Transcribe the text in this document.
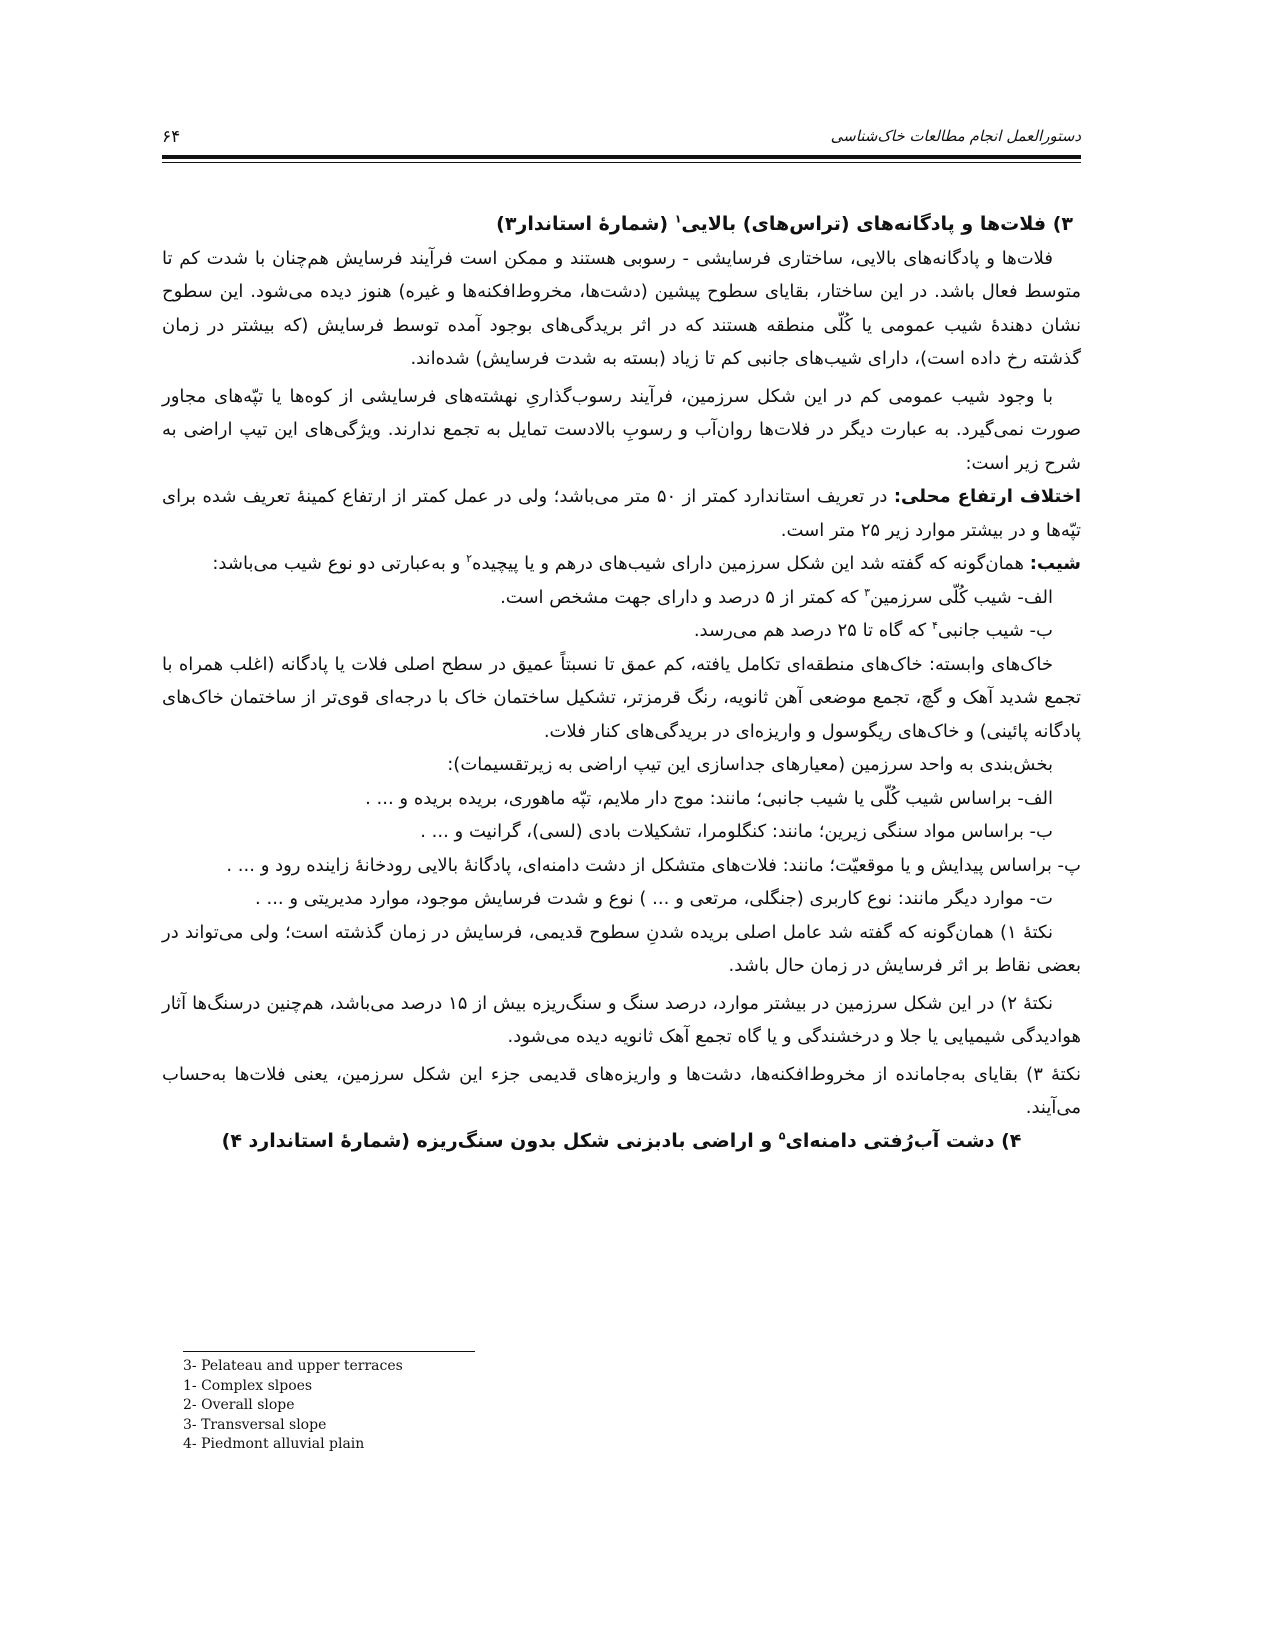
۶۴	دستورالعمل انجام مطالعات خاک‌شناسی

۳) فلات‌ها و پادگانه‌های (تراس‌های) بالایی$^۱$ (شمارهٔ استاندار۳)

فلات‌ها و پادگانه‌های بالایی، ساختاری فرسایشی - رسوبی هستند و ممکن است فرآیند فرسایش هم‌چنان با شدت کم تا متوسط فعال باشد. در این ساختار، بقایای سطوح پیشین (دشت‌ها، مخروط‌افکنه‌ها و غیره) هنوز دیده می‌شود. این سطوح نشان دهندهٔ شیب عمومی یا کُلّی منطقه هستند که در اثر بریدگی‌های بوجود آمده توسط فرسایش (که بیشتر در زمان گذشته رخ داده است)، دارای شیب‌های جانبی کم تا زیاد (بسته به شدت فرسایش) شده‌اند.

با وجود شیب عمومی کم در این شکل سرزمین، فرآیند رسوب‌گذاریِ نهشته‌های فرسایشی از کوه‌ها یا تپّه‌های مجاور صورت نمی‌گیرد. به عبارت دیگر در فلات‌ها روان‌آب و رسوبِ بالادست تمایل به تجمع ندارند. ویژگی‌های این تیپ اراضی به شرح زیر است:

اختلاف ارتفاع محلی: در تعریف استاندارد کمتر از ۵۰ متر می‌باشد؛ ولی در عمل کمتر از ارتفاع کمینهٔ تعریف شده برای تپّه‌ها و در بیشتر موارد زیر ۲۵ متر است.

شیب: همان‌گونه که گفته شد این شکل سرزمین دارای شیب‌های درهم و یا پیچیده$^۲$ و به‌عبارتی دو نوع شیب می‌باشد:

الف- شیب کُلّی سرزمین$^۳$ که کمتر از ۵ درصد و دارای جهت مشخص است.

ب- شیب جانبی$^۴$ که گاه تا ۲۵ درصد هم می‌رسد.

خاک‌های وابسته: خاک‌های منطقه‌ای تکامل یافته، کم عمق تا نسبتاً عمیق در سطح اصلی فلات یا پادگانه (اغلب همراه با تجمع شدید آهک و گچ، تجمع موضعی آهن ثانویه، رنگ قرمزتر، تشکیل ساختمان خاک با درجه‌ای قوی‌تر از ساختمان خاک‌های پادگانه پائینی) و خاک‌های ریگوسول و واریزه‌ای در بریدگی‌های کنار فلات.

بخش‌بندی به واحد سرزمین (معیارهای جداسازی این تیپ اراضی به زیرتقسیمات):

الف- براساس شیب کُلّی یا شیب جانبی؛ مانند: موج دار ملایم، تپّه ماهوری، بریده بریده و ... .

ب- براساس مواد سنگی زیرین؛ مانند: کنگلومرا، تشکیلات بادی (لسی)، گرانیت و ... .

پ- براساس پیدایش و یا موقعیّت؛ مانند: فلات‌های متشکل از دشت دامنه‌ای، پادگانهٔ بالایی رودخانهٔ زاینده رود و ... .

ت- موارد دیگر مانند: نوع کاربری (جنگلی، مرتعی و ... ) نوع و شدت فرسایش موجود، موارد مدیریتی و ... .

نکتهٔ ۱) همان‌گونه که گفته شد عامل اصلی بریده شدنِ سطوح قدیمی، فرسایش در زمان گذشته است؛ ولی می‌تواند در بعضی نقاط بر اثر فرسایش در زمان حال باشد.

نکتهٔ ۲) در این شکل سرزمین در بیشتر موارد، درصد سنگ و سنگ‌ریزه بیش از ۱۵ درصد می‌باشد، هم‌چنین درسنگ‌ها آثار هوادیدگی شیمیایی یا جلا و درخشندگی و یا گاه تجمع آهک ثانویه دیده می‌شود.

نکتهٔ ۳) بقایای به‌جامانده از مخروط‌افکنه‌ها، دشت‌ها و واریزه‌های قدیمی جزء این شکل سرزمین، یعنی فلات‌ها به‌حساب می‌آیند.

۴) دشت آب‌رُفتی دامنه‌ای$^۵$ و اراضی بادبزنی شکل بدون سنگ‌ریزه (شمارهٔ استاندارد ۴)

3- Pelateau and upper terraces
1- Complex slpoes
2- Overall slope
3- Transversal slope
4- Piedmont alluvial plain
